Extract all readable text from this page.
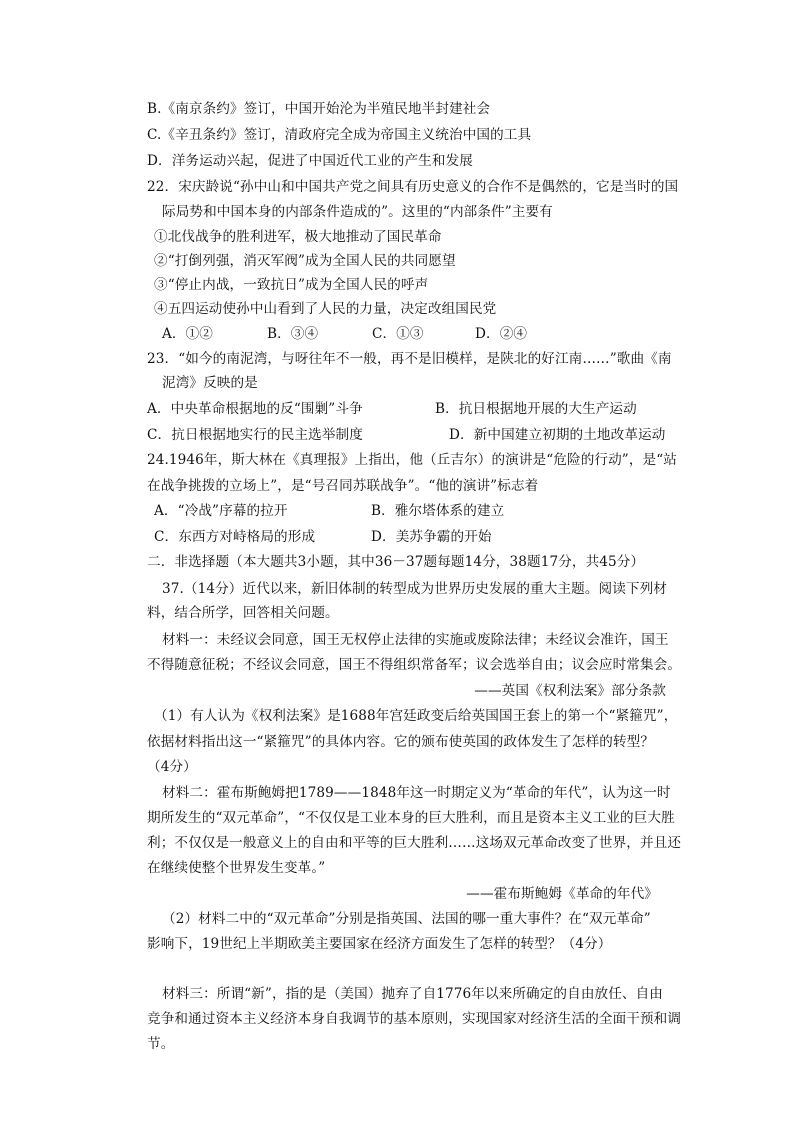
B.《南京条约》签订，中国开始沦为半殖民地半封建社会
C.《辛丑条约》签订，清政府完全成为帝国主义统治中国的工具
D．洋务运动兴起，促进了中国近代工业的产生和发展
22．宋庆龄说“孙中山和中国共产党之间具有历史意义的合作不是偶然的，它是当时的国
际局势和中国本身的内部条件造成的”。这里的“内部条件”主要有
①北伐战争的胜利进军，极大地推动了国民革命
②“打倒列强，消灭军阀”成为全国人民的共同愿望
③“停止内战，一致抗日”成为全国人民的呼声
④五四运动使孙中山看到了人民的力量，决定改组国民党
A．①②	B．③④	C．①③	D．②④
23．“如今的南泥湾，与呀往年不一般，再不是旧模样，是陕北的好江南……”歌曲《南
泥湾》反映的是
A．中央革命根据地的反“围剿”斗争	B．抗日根据地开展的大生产运动
C．抗日根据地实行的民主选举制度	D．新中国建立初期的土地改革运动
24.1946年，斯大林在《真理报》上指出，他（丘吉尔）的演讲是“危险的行动”，是“站
在战争挑拨的立场上”，是“号召同苏联战争”。“他的演讲”标志着
A．“冷战”序幕的拉开	B．雅尔塔体系的建立
C．东西方对峙格局的形成	D．美苏争霸的开始
二．非选择题（本大题共3小题，其中36－37题每题14分，38题17分，共45分）
37.（14分）近代以来，新旧体制的转型成为世界历史发展的重大主题。阅读下列材
料，结合所学，回答相关问题。
材料一：未经议会同意，国王无权停止法律的实施或废除法律；未经议会准许，国王
不得随意征税；不经议会同意，国王不得组织常备军；议会选举自由；议会应时常集会。
——英国《权利法案》部分条款
（1）有人认为《权利法案》是1688年宫廷政变后给英国国王套上的第一个“紧箍咒”，
依据材料指出这一“紧箍咒”的具体内容。它的颁布使英国的政体发生了怎样的转型？
（4分）
材料二：霍布斯鲍姆把1789——1848年这一时期定义为“革命的年代”，认为这一时
期所发生的“双元革命”，“不仅仅是工业本身的巨大胜利，而且是资本主义工业的巨大胜
利；不仅仅是一般意义上的自由和平等的巨大胜利……这场双元革命改变了世界，并且还
在继续使整个世界发生变革。”
——霍布斯鲍姆《革命的年代》
（2）材料二中的“双元革命”分别是指英国、法国的哪一重大事件？在“双元革命”
影响下，19世纪上半期欧美主要国家在经济方面发生了怎样的转型？（4分）
材料三：所谓“新”，指的是（美国）抛弃了自1776年以来所确定的自由放任、自由
竞争和通过资本主义经济本身自我调节的基本原则，实现国家对经济生活的全面干预和调
节。
